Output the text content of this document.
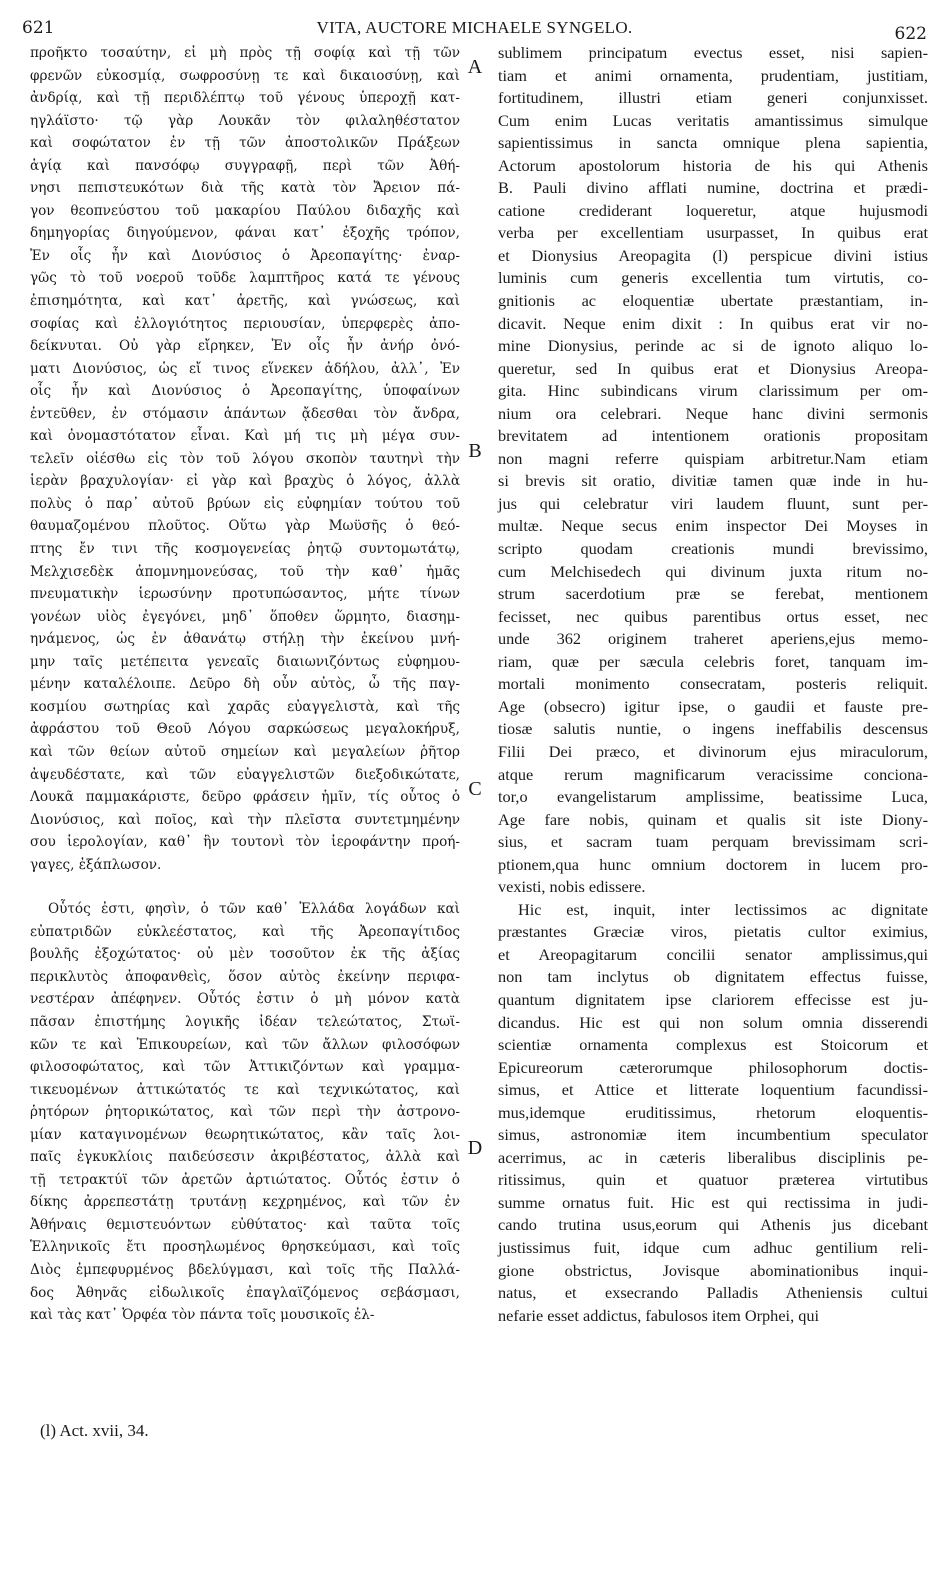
621	VITA, AUCTORE MICHAELE SYNGELO.	622
προῆκτο τοσαύτην, εἰ μὴ πρὸς τῇ σοφίᾳ καὶ τῇ τῶν
φρενῶν εὐκοσμίᾳ, σωφροσύνῃ τε καὶ δικαιοσύνῃ, καὶ
ἀνδρίᾳ, καὶ τῇ περιδλέπτῳ τοῦ γένους ὑπεροχῇ κατ-
ηγλάϊστο· τῷ γὰρ Λουκᾶν τὸν φιλαληθέστατον
καὶ σοφώτατον ἐν τῇ τῶν ἀποστολικῶν Πράξεων
ἁγίᾳ καὶ πανσόφῳ συγγραφῇ, περὶ τῶν Ἀθή-
νησι πεπιστευκότων διὰ τῆς κατὰ τὸν Ἄρειον πά-
γον θεοπνεύστου τοῦ μακαρίου Παύλου διδαχῆς καὶ
δημηγορίας διηγούμενον, φάναι κατ᾽ ἐξοχῆς τρόπον,
Ἐν οἷς ἦν καὶ Διονύσιος ὁ Ἀρεοπαγίτης· ἐναρ-
γῶς τὸ τοῦ νοεροῦ τοῦδε λαμπτῆρος κατά τε γένους
ἐπισημότητα, καὶ κατ᾽ ἀρετῆς, καὶ γνώσεως, καὶ
σοφίας καὶ ἐλλογιότητος περιουσίαν, ὑπερφερὲς ἀπο-
δείκνυται. Οὐ γὰρ εἴρηκεν, Ἐν οἷς ἦν ἀνήρ ὀνό-
ματι Διονύσιος, ὡς εἴ τινος εἵνεκεν ἀδήλου, ἀλλ᾽, Ἐν
οἷς ἦν καὶ Διονύσιος ὁ Ἀρεοπαγίτης, ὑποφαίνων
ἐντεῦθεν, ἐν στόμασιν ἁπάντων ᾄδεσθαι τὸν ἄνδρα,
καὶ ὀνομαστότατον εἶναι. Καὶ μή τις μὴ μέγα συν-
τελεῖν οἰέσθω εἰς τὸν τοῦ λόγου σκοπὸν ταυτηνὶ τὴν
ἱερὰν βραχυλογίαν· εἰ γὰρ καὶ βραχὺς ὁ λόγος, ἀλλὰ
πολὺς ὁ παρ᾽ αὐτοῦ βρύων εἰς εὐφημίαν τούτου τοῦ
θαυμαζομένου πλοῦτος. Οὕτω γὰρ Μωϋσῆς ὁ θεό-
πτης ἔν τινι τῆς κοσμογενείας ῥητῷ συντομωτάτῳ,
Μελχισεδὲκ ἀπομνημονεύσας, τοῦ τὴν καθ᾽ ἡμᾶς
πνευματικὴν ἱερωσύνην προτυπώσαντος, μήτε τίνων
γονέων υἱὸς ἐγεγόνει, μηδ᾽ ὅποθεν ὥρμητο, διασημ-
ηνάμενος, ὡς ἐν ἀθανάτῳ στήλῃ τὴν ἐκείνου μνή-
μην ταῖς μετέπειτα γενεαῖς διαιωνιζόντως εὐφημου-
μένην καταλέλοιπε. Δεῦρο δὴ οὖν αὐτὸς, ὦ τῆς παγ-
κοσμίου σωτηρίας καὶ χαρᾶς εὐαγγελιστὰ, καὶ τῆς
ἀφράστου τοῦ Θεοῦ Λόγου σαρκώσεως μεγαλοκήρυξ,
καὶ τῶν θείων αὐτοῦ σημείων καὶ μεγαλείων ῥῆτορ
ἀψευδέστατε, καὶ τῶν εὐαγγελιστῶν διεξοδικώτατε,
Λουκᾶ παμμακάριστε, δεῦρο φράσειν ἡμῖν, τίς οὗτος ὁ
Διονύσιος, καὶ ποῖος, καὶ τὴν πλεῖστα συντετμημένην
σου ἱερολογίαν, καθ᾽ ἣν τουτονὶ τὸν ἱεροφάντην προή-
γαγες, ἐξάπλωσον.

Οὗτός ἐστι, φησὶν, ὁ τῶν καθ᾽ Ἑλλάδα λογάδων καὶ
εὐπατριδῶν εὐκλεέστατος, καὶ τῆς Ἀρεοπαγίτιδος
βουλῆς ἐξοχώτατος· οὐ μὲν τοσοῦτον ἐκ τῆς ἀξίας
περικλυτὸς ἀποφανθεὶς, ὅσον αὐτὸς ἐκείνην περιφα-
νεστέραν ἀπέφηνεν. Οὗτός ἐστιν ὁ μὴ μόνον κατὰ
πᾶσαν ἐπιστήμης λογικῆς ἰδέαν τελεώτατος, Στωϊ-
κῶν τε καὶ Ἐπικουρείων, καὶ τῶν ἄλλων φιλοσόφων
φιλοσοφώτατος, καὶ τῶν Ἀττικιζόντων καὶ γραμμα-
τικευομένων ἀττικώτατός τε καὶ τεχνικώτατος, καὶ
ῥητόρων ῥητορικώτατος, καὶ τῶν περὶ τὴν ἀστρονο-
μίαν καταγινομένων θεωρητικώτατος, κἂν ταῖς λοι-
παῖς ἐγκυκλίοις παιδεύσεσιν ἀκριβέστατος, ἀλλὰ καὶ
τῇ τετρακτύϊ τῶν ἀρετῶν ἀρτιώτατος. Οὗτός ἐστιν ὁ
δίκης ἀρρεπεστάτῃ τρυτάνῃ κεχρημένος, καὶ τῶν ἐν
Ἀθήναις θεμιστευόντων εὐθύτατος· καὶ ταῦτα τοῖς
Ἑλληνικοῖς ἔτι προσηλωμένος θρησκεύμασι, καὶ τοῖς
Διὸς ἐμπεφυρμένος βδελύγμασι, καὶ τοῖς τῆς Παλλά-
δος Ἀθηνᾶς εἰδωλικοῖς ἐπαγλαϊζόμενος σεβάσμασι,
καὶ τὰς κατ᾽ Ὀρφέα τὸν πάντα τοῖς μουσικοῖς ἐλ-
sublimem principatum evectus esset, nisi sapien-
tiam et animi ornamenta, prudentiam, justitiam,
fortitudinem, illustri etiam generi conjunxisset.
Cum enim Lucas veritatis amantissimus simulque
sapientissimus in sancta omnique plena sapientia,
Actorum apostolorum historia de his qui Athenis
B. Pauli divino afflati numine, doctrina et prædi-
catione crediderant loqueretur, atque hujusmodi
verba per excellentiam usurpasset, In quibus erat
et Dionysius Areopagita (l) perspicue divini istius
luminis cum generis excellentia tum virtutis, co-
gnitionis ac eloquentiæ ubertate præstantiam, in-
dicavit. Neque enim dixit : In quibus erat vir no-
mine Dionysius, perinde ac si de ignoto aliquo lo-
queretur, sed In quibus erat et Dionysius Areopa-
gita. Hinc subindicans virum clarissimum per om-
nium ora celebrari. Neque hanc divini sermonis
brevitatem ad intentionem orationis propositam
non magni referre quispiam arbitretur.Nam etiam
si brevis sit oratio, divitiæ tamen quæ inde in hu-
jus qui celebratur viri laudem fluunt, sunt per-
multæ. Neque secus enim inspector Dei Moyses in
scripto quodam creationis mundi brevissimo,
cum Melchisedech qui divinum juxta ritum no-
strum sacerdotium præ se ferebat, mentionem
fecisset, nec quibus parentibus ortus esset, nec
unde 362 originem traheret aperiens,ejus memo-
riam, quæ per sæcula celebris foret, tanquam im-
mortali monimento consecratam, posteris reliquit.
Age (obsecro) igitur ipse, o gaudii et fauste pre-
tiosæ salutis nuntie, o ingens ineffabilis descensus
Filii Dei præco, et divinorum ejus miraculorum,
atque rerum magnificarum veracissime conciona-
tor,o evangelistarum amplissime, beatissime Luca,
Age fare nobis, quinam et qualis sit iste Diony-
sius, et sacram tuam perquam brevissimam scri-
ptionem,qua hunc omnium doctorem in lucem pro-
vexisti, nobis edissere.
Hic est, inquit, inter lectissimos ac dignitate
præstantes Græciæ viros, pietatis cultor eximius,
et Areopagitarum concilii senator amplissimus,qui
non tam inclytus ob dignitatem effectus fuisse,
quantum dignitatem ipse clariorem effecisse est ju-
dicandus. Hic est qui non solum omnia disserendi
scientiæ ornamenta complexus est Stoicorum et
Epicureorum cæterorumque philosophorum doctis-
simus, et Attice et litterate loquentium facundissi-
mus,idemque eruditissimus, rhetorum eloquentis-
simus, astronomiæ item incumbentium speculator
acerrimus, ac in cæteris liberalibus disciplinis pe-
ritissimus, quin et quatuor præterea virtutibus
summe ornatus fuit. Hic est qui rectissima in judi-
cando trutina usus,eorum qui Athenis jus dicebant
justissimus fuit, idque cum adhuc gentilium reli-
gione obstrictus, Jovisque abominationibus inqui-
natus, et exsecrando Palladis Atheniensis cultui
nefarie esset addictus, fabulosos item Orphei, qui
A
B
C
D
(l) Act. xvii, 34.
